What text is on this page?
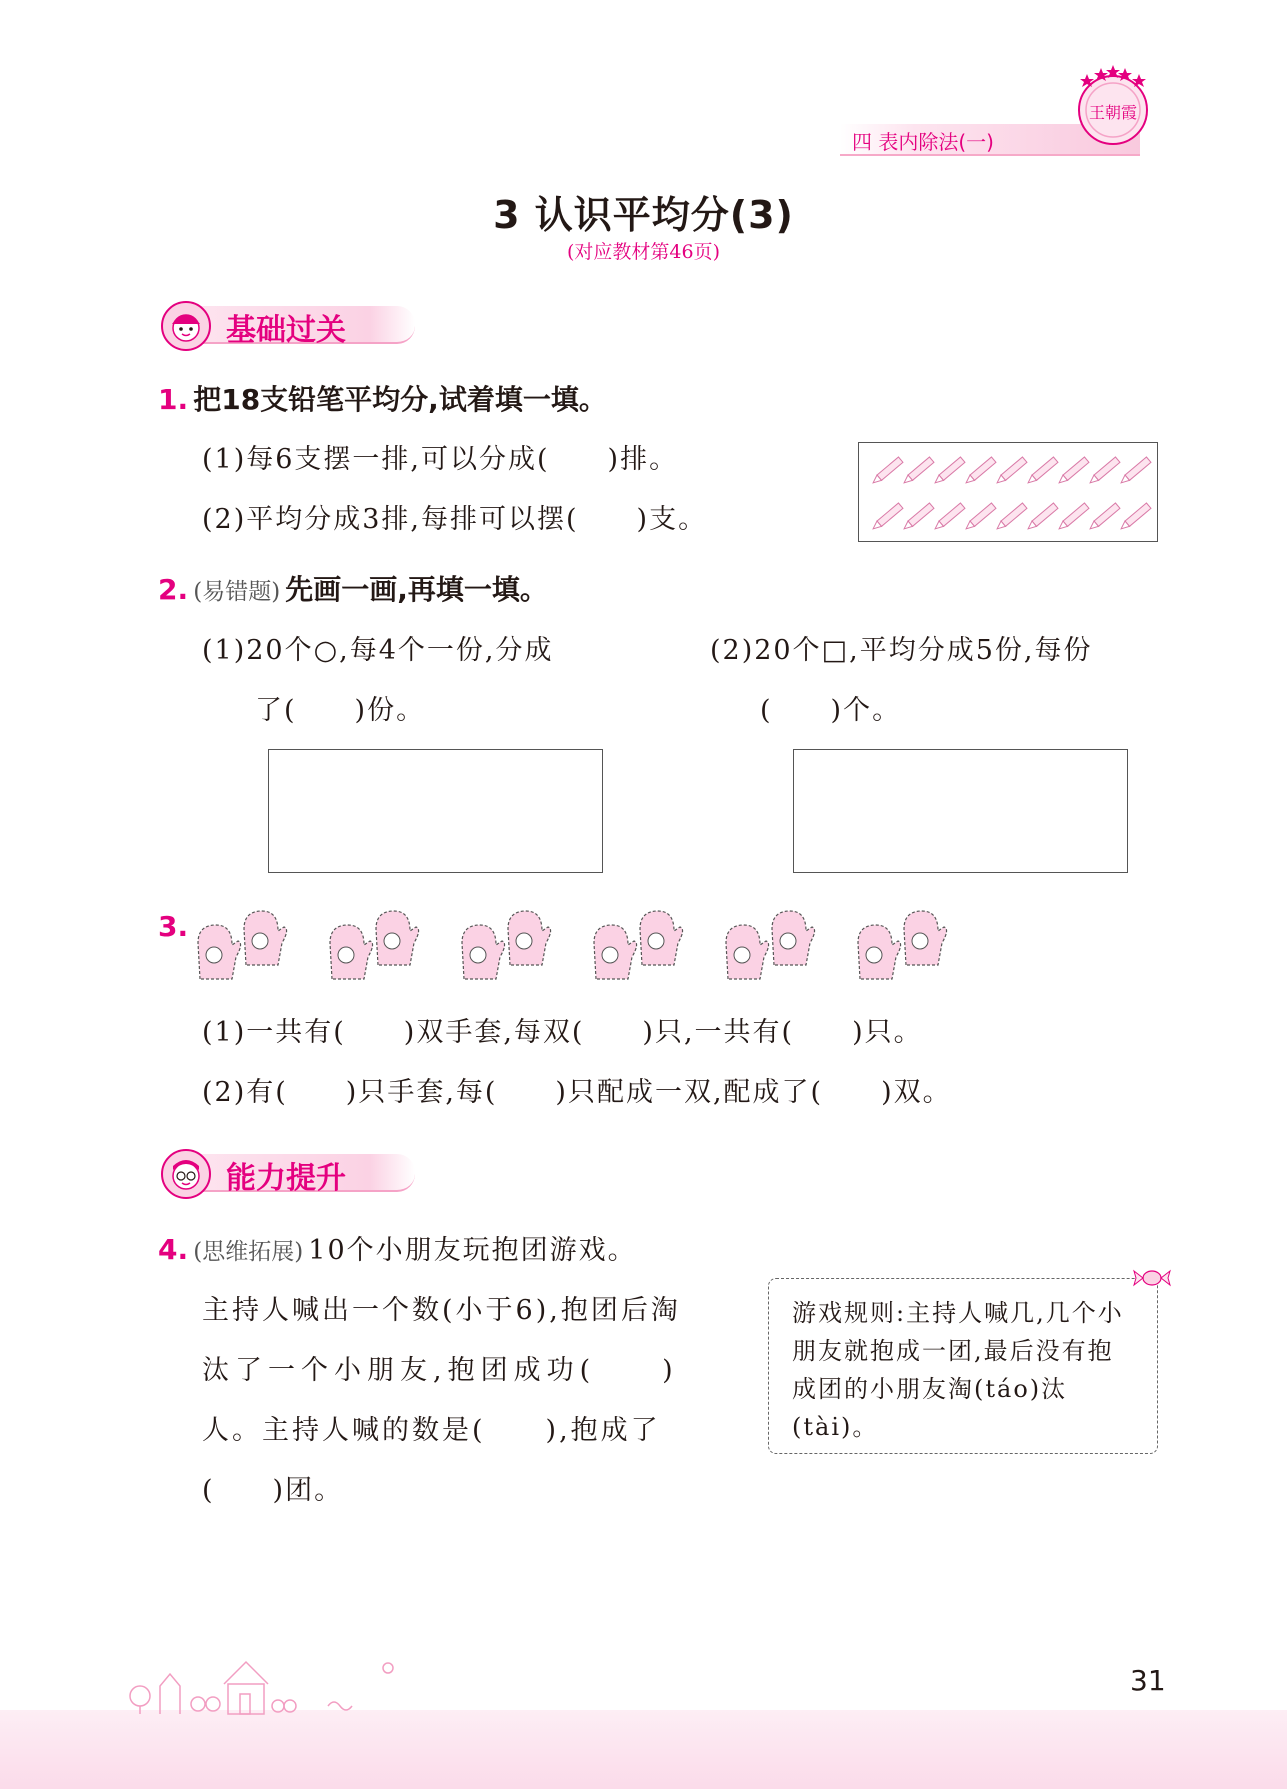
四 表内除法(一)
王朝霞
3 认识平均分(3)
(对应教材第46页)
基础过关
1. 把18支铅笔平均分,试着填一填。
(1)每6支摆一排,可以分成(　　)排。
(2)平均分成3排,每排可以摆(　　)支。
2. (易错题) 先画一画,再填一填。
(1)20个○,每4个一份,分成
了(　　)份。
(2)20个□,平均分成5份,每份
(　　)个。
3.
(1)一共有(　　)双手套,每双(　　)只,一共有(　　)只。
(2)有(　　)只手套,每(　　)只配成一双,配成了(　　)双。
能力提升
4. (思维拓展) 10个小朋友玩抱团游戏。
主持人喊出一个数(小于6),抱团后淘
汰了一个小朋友,抱团成功(　　)
人。主持人喊的数是(　　),抱成了
(　　)团。
游戏规则:主持人喊几,几个小朋友就抱成一团,最后没有抱成团的小朋友淘(táo)汰(tài)。
31
